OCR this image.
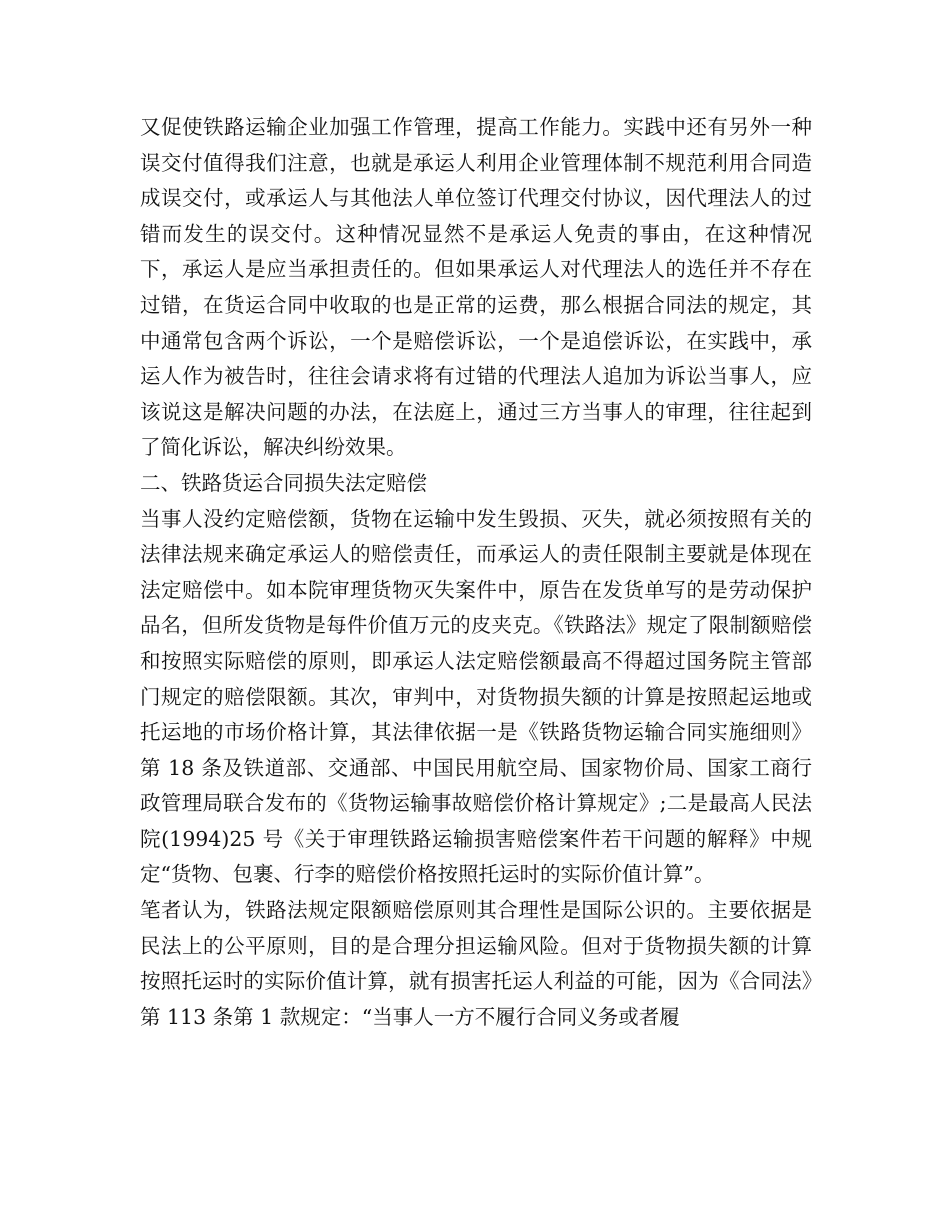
又促使铁路运输企业加强工作管理，提高工作能力。实践中还有另外一种误交付值得我们注意，也就是承运人利用企业管理体制不规范利用合同造成误交付，或承运人与其他法人单位签订代理交付协议，因代理法人的过错而发生的误交付。这种情况显然不是承运人免责的事由，在这种情况下，承运人是应当承担责任的。但如果承运人对代理法人的选任并不存在过错，在货运合同中收取的也是正常的运费，那么根据合同法的规定，其中通常包含两个诉讼，一个是赔偿诉讼，一个是追偿诉讼，在实践中，承运人作为被告时，往往会请求将有过错的代理法人追加为诉讼当事人，应该说这是解决问题的办法，在法庭上，通过三方当事人的审理，往往起到了简化诉讼，解决纠纷效果。

二、铁路货运合同损失法定赔偿

当事人没约定赔偿额，货物在运输中发生毁损、灭失，就必须按照有关的法律法规来确定承运人的赔偿责任，而承运人的责任限制主要就是体现在法定赔偿中。如本院审理货物灭失案件中，原告在发货单写的是劳动保护品名，但所发货物是每件价值万元的皮夹克。《铁路法》规定了限制额赔偿和按照实际赔偿的原则，即承运人法定赔偿额最高不得超过国务院主管部门规定的赔偿限额。其次，审判中，对货物损失额的计算是按照起运地或托运地的市场价格计算，其法律依据一是《铁路货物运输合同实施细则》第 18 条及铁道部、交通部、中国民用航空局、国家物价局、国家工商行政管理局联合发布的《货物运输事故赔偿价格计算规定》;二是最高人民法院(1994)25 号《关于审理铁路运输损害赔偿案件若干问题的解释》中规定“货物、包裹、行李的赔偿价格按照托运时的实际价值计算”。

笔者认为，铁路法规定限额赔偿原则其合理性是国际公识的。主要依据是民法上的公平原则，目的是合理分担运输风险。但对于货物损失额的计算按照托运时的实际价值计算，就有损害托运人利益的可能，因为《合同法》第 113 条第 1 款规定：“当事人一方不履行合同义务或者履
